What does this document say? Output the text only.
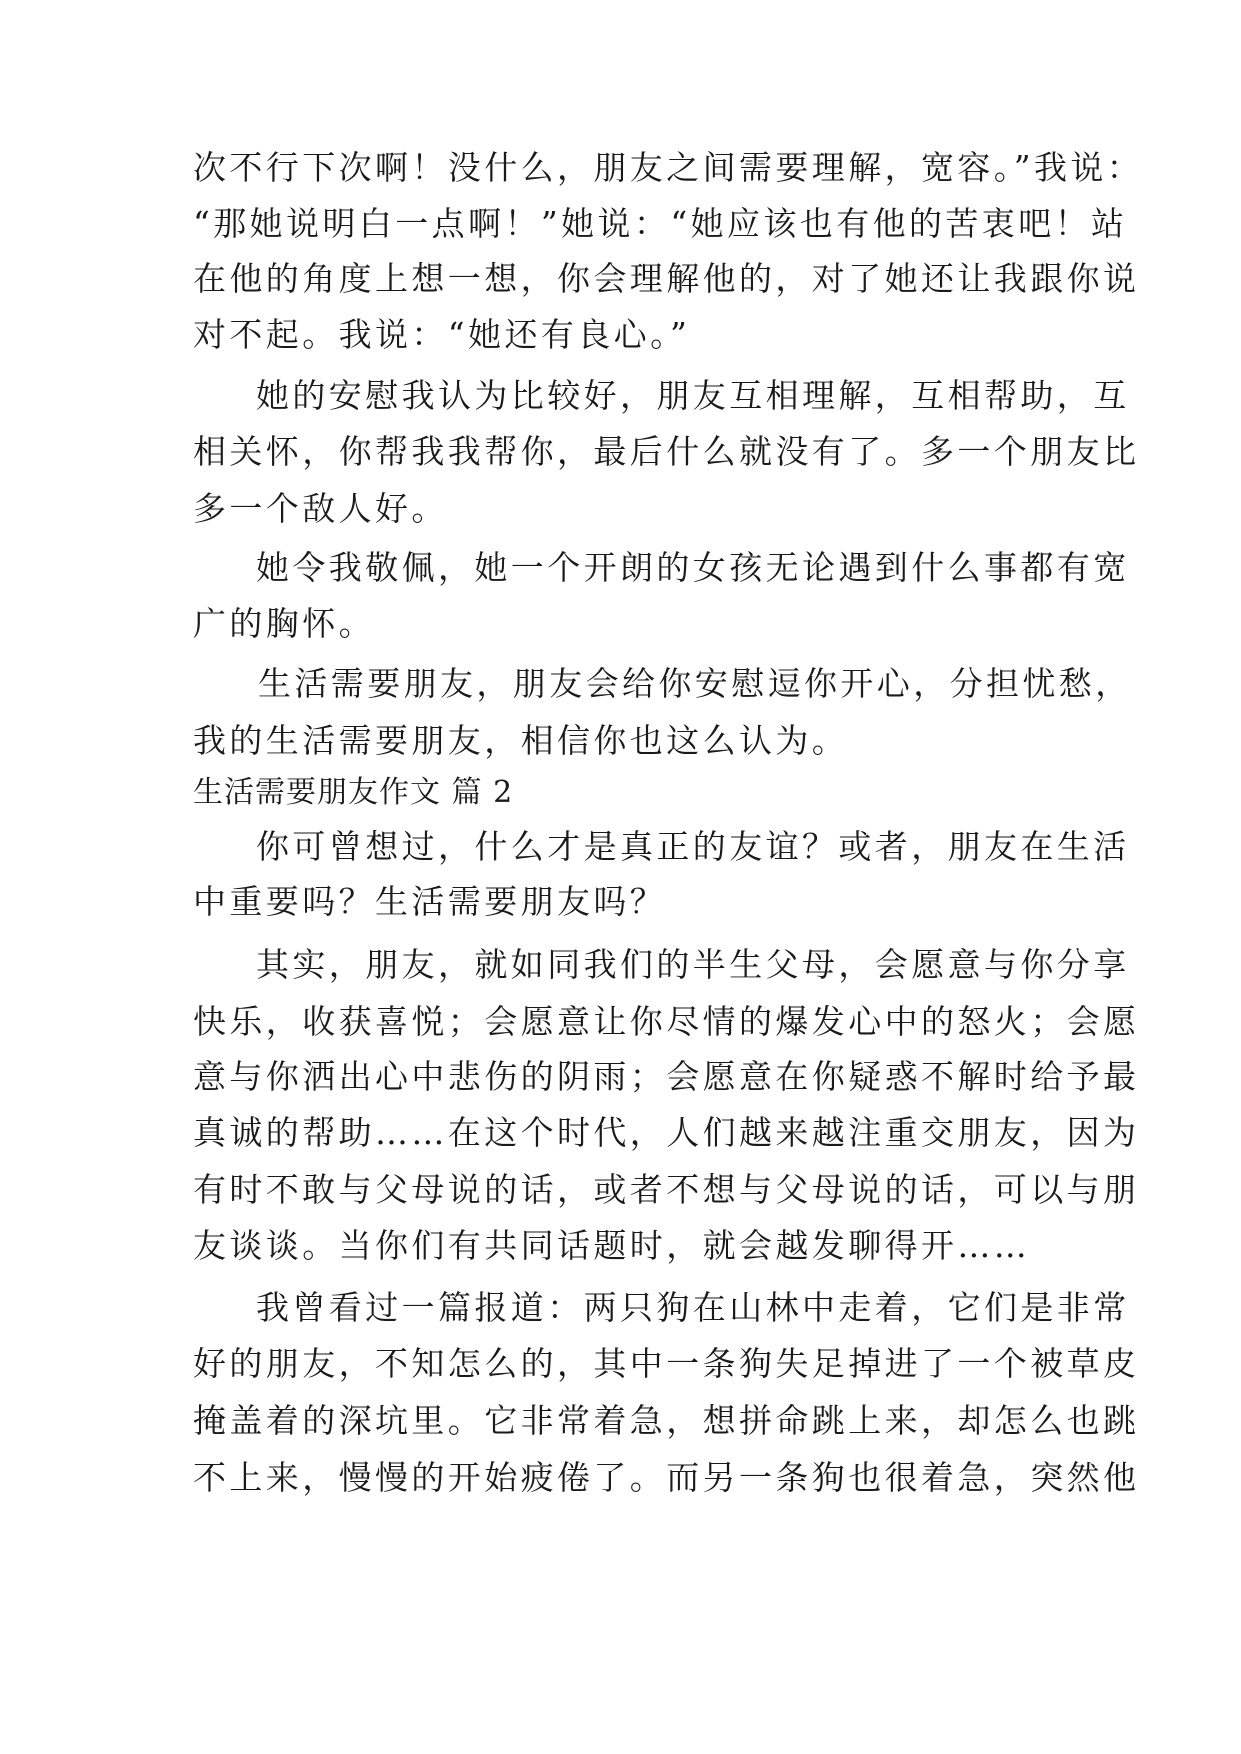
次不行下次啊！没什么，朋友之间需要理解，宽容。”我说：
“那她说明白一点啊！”她说：“她应该也有他的苦衷吧！站
在他的角度上想一想，你会理解他的，对了她还让我跟你说
对不起。我说：“她还有良心。”
她的安慰我认为比较好，朋友互相理解，互相帮助，互
相关怀，你帮我我帮你，最后什么就没有了。多一个朋友比
多一个敌人好。
她令我敬佩，她一个开朗的女孩无论遇到什么事都有宽
广的胸怀。
生活需要朋友，朋友会给你安慰逗你开心，分担忧愁，
我的生活需要朋友，相信你也这么认为。
生活需要朋友作文 篇 2
你可曾想过，什么才是真正的友谊？或者，朋友在生活
中重要吗？生活需要朋友吗？
其实，朋友，就如同我们的半生父母，会愿意与你分享
快乐，收获喜悦；会愿意让你尽情的爆发心中的怒火；会愿
意与你洒出心中悲伤的阴雨；会愿意在你疑惑不解时给予最
真诚的帮助……在这个时代，人们越来越注重交朋友，因为
有时不敢与父母说的话，或者不想与父母说的话，可以与朋
友谈谈。当你们有共同话题时，就会越发聊得开……
我曾看过一篇报道：两只狗在山林中走着，它们是非常
好的朋友，不知怎么的，其中一条狗失足掉进了一个被草皮
掩盖着的深坑里。它非常着急，想拼命跳上来，却怎么也跳
不上来，慢慢的开始疲倦了。而另一条狗也很着急，突然他
